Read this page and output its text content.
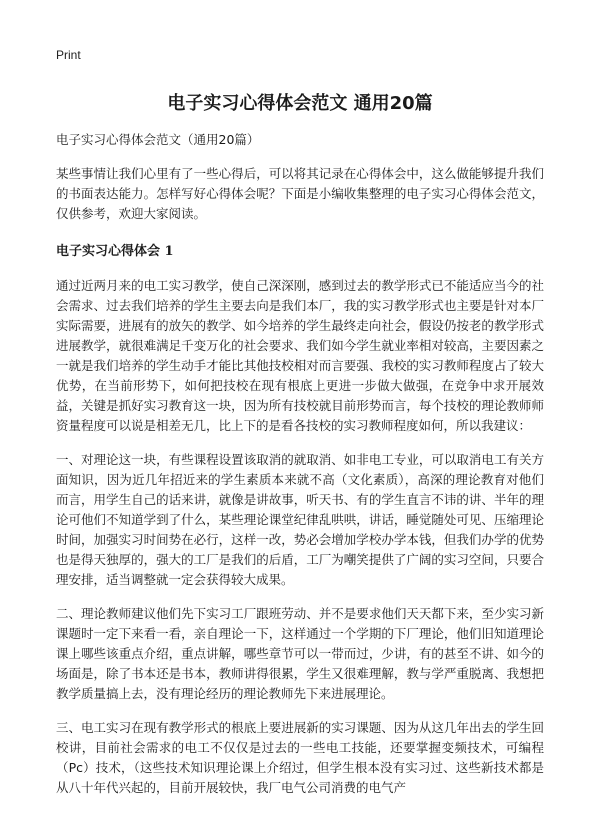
Print

电子实习心得体会范文 通用20篇

电子实习心得体会范文（通用20篇）

某些事情让我们心里有了一些心得后，可以将其记录在心得体会中，这么做能够提升我们的书面表达能力。怎样写好心得体会呢？下面是小编收集整理的电子实习心得体会范文，仅供参考，欢迎大家阅读。

电子实习心得体会 1

通过近两月来的电工实习教学，使自己深深刚，感到过去的教学形式已不能适应当今的社会需求、过去我们培养的学生主要去向是我们本厂，我的实习教学形式也主要是针对本厂实际需要，进展有的放矢的教学、如今培养的学生最终走向社会，假设仍按老的教学形式进展教学，就很难满足千变万化的社会要求、我们如今学生就业率相对较高，主要因素之一就是我们培养的学生动手才能比其他技校相对而言要强、我校的实习教师程度占了较大优势，在当前形势下，如何把技校在现有根底上更进一步做大做强，在竞争中求开展效益，关键是抓好实习教育这一块，因为所有技校就目前形势而言，每个技校的理论教师师资量程度可以说是相差无几，比上下的是看各技校的实习教师程度如何，所以我建议：

一、对理论这一块，有些课程设置该取消的就取消、如非电工专业，可以取消电工有关方面知识，因为近几年招近来的学生素质本来就不高（文化素质），高深的理论教育对他们而言，用学生自己的话来讲，就像是讲故事，听天书、有的学生直言不讳的讲、半年的理论可他们不知道学到了什么，某些理论课堂纪律乱哄哄，讲话，睡觉随处可见、压缩理论时间，加强实习时间势在必行，这样一改，势必会增加学校办学本钱，但我们办学的优势也是得天独厚的，强大的工厂是我们的后盾，工厂为嘲笑提供了广阔的实习空间，只要合理安排，适当调整就一定会获得较大成果。

二、理论教师建议他们先下实习工厂跟班劳动、并不是要求他们天天都下来，至少实习新课题时一定下来看一看，亲自理论一下，这样通过一个学期的下厂理论，他们旧知道理论课上哪些该重点介绍，重点讲解，哪些章节可以一带而过，少讲，有的甚至不讲、如今的场面是，除了书本还是书本，教师讲得很累，学生又很难理解，教与学严重脱离、我想把教学质量搞上去，没有理论经历的理论教师先下来进展理论。

三、电工实习在现有教学形式的根底上要进展新的实习课题、因为从这几年出去的学生回校讲，目前社会需求的电工不仅仅是过去的一些电工技能，还要掌握变频技术，可编程（Pc）技术，（这些技术知识理论课上介绍过，但学生根本没有实习过、这些新技术都是从八十年代兴起的，目前开展较快，我厂电气公司消费的电气产
